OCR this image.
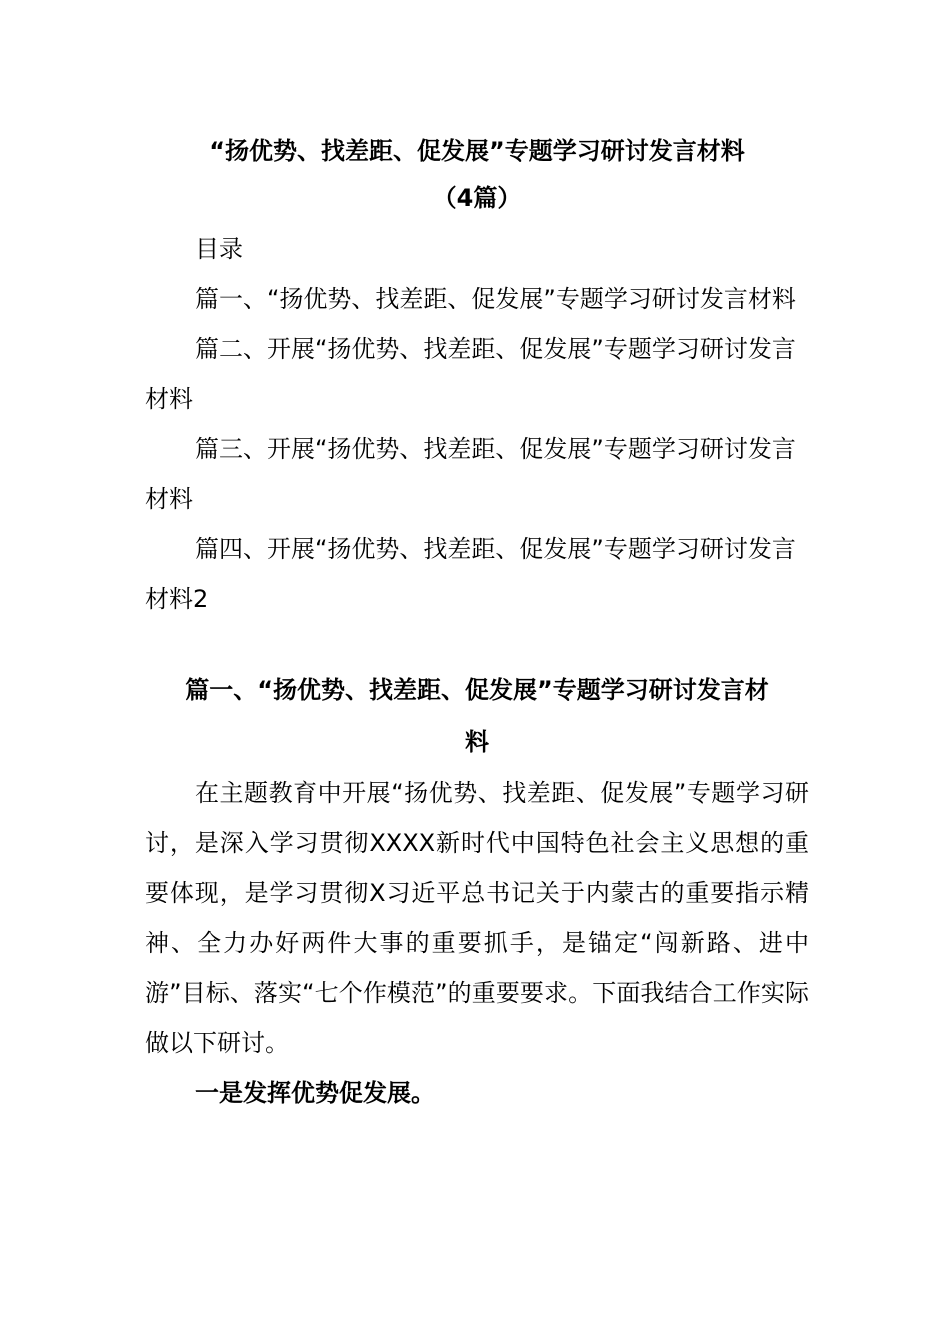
“扬优势、找差距、促发展”专题学习研讨发言材料
（4篇）

目录

篇一、“扬优势、找差距、促发展”专题学习研讨发言材料

篇二、开展“扬优势、找差距、促发展”专题学习研讨发言材料

篇三、开展“扬优势、找差距、促发展”专题学习研讨发言材料

篇四、开展“扬优势、找差距、促发展”专题学习研讨发言材料2

篇一、“扬优势、找差距、促发展”专题学习研讨发言材
料

在主题教育中开展“扬优势、找差距、促发展”专题学习研讨，是深入学习贯彻XXXX新时代中国特色社会主义思想的重要体现，是学习贯彻X习近平总书记关于内蒙古的重要指示精神、全力办好两件大事的重要抓手，是锚定“闯新路、进中游”目标、落实“七个作模范”的重要要求。下面我结合工作实际做以下研讨。

一是发挥优势促发展。
